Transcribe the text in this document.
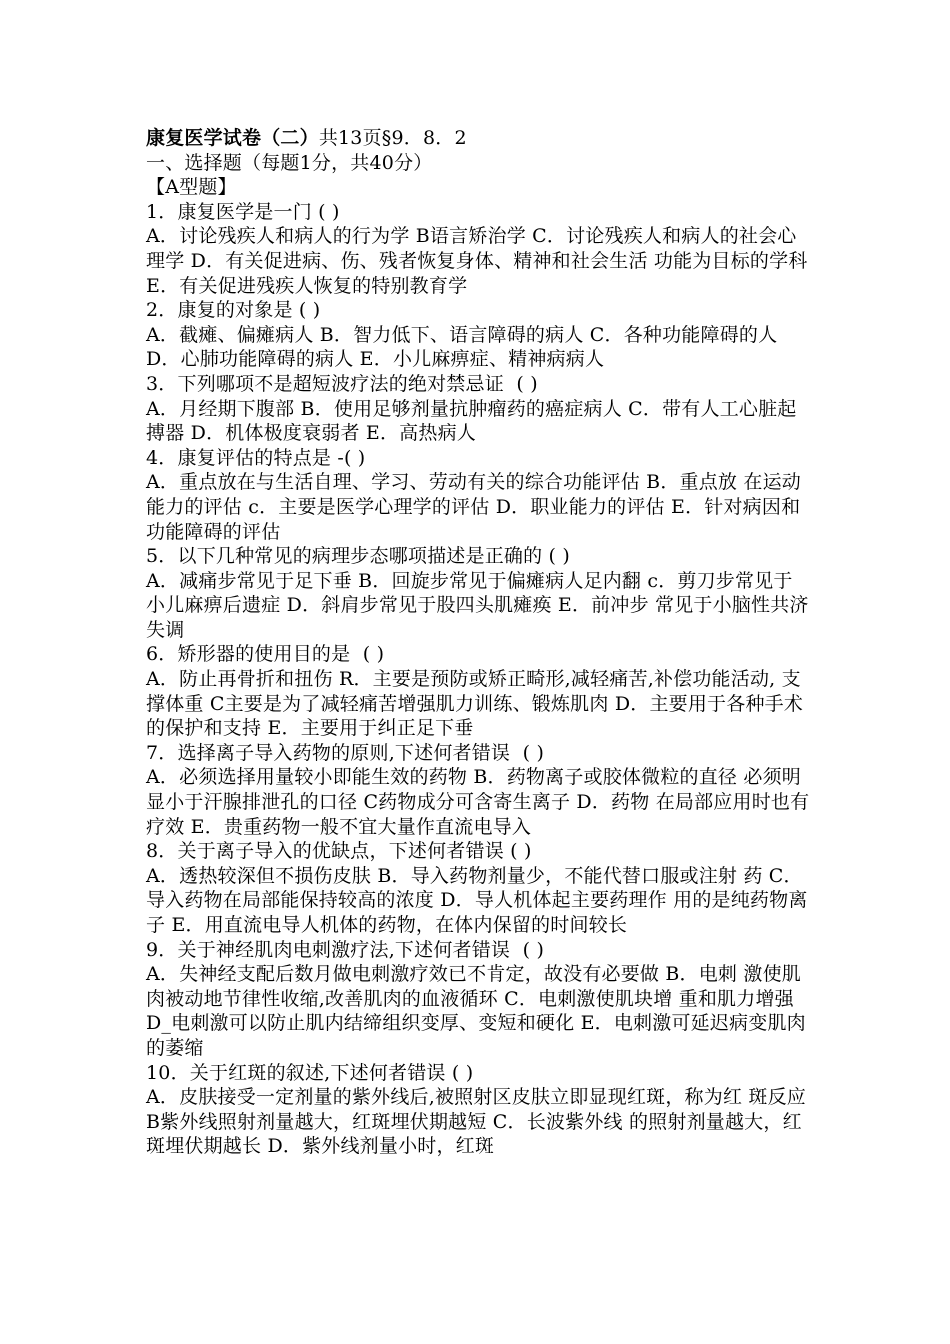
康复医学试卷（二）共13页§9．8．2
一、选择题（每题1分，共40分）
【A型题】
1．康复医学是一门 ( )
A．讨论残疾人和病人的行为学 B语言矫治学 C．讨论残疾人和病人的社会心理学 D．有关促进病、伤、残者恢复身体、精神和社会生活 功能为目标的学科 E．有关促进残疾人恢复的特别教育学
2．康复的对象是 ( )
A．截瘫、偏瘫病人 B．智力低下、语言障碍的病人 C．各种功能障碍的人 D．心肺功能障碍的病人 E．小儿麻痹症、精神病病人
3．下列哪项不是超短波疗法的绝对禁忌证  ( )
A．月经期下腹部 B．使用足够剂量抗肿瘤药的癌症病人 C．带有人工心脏起搏器 D．机体极度衰弱者 E．高热病人
4．康复评估的特点是 -( )
A．重点放在与生活自理、学习、劳动有关的综合功能评估 B．重点放 在运动能力的评估 c．主要是医学心理学的评估 D．职业能力的评估 E．针对病因和功能障碍的评估
5．以下几种常见的病理步态哪项描述是正确的 ( )
A．减痛步常见于足下垂 B．回旋步常见于偏瘫病人足内翻 c．剪刀步常见于小儿麻痹后遗症 D．斜肩步常见于股四头肌瘫痪 E．前冲步 常见于小脑性共济失调
6．矫形器的使用目的是  ( )
A．防止再骨折和扭伤 R．主要是预防或矫正畸形,减轻痛苦,补偿功能活动, 支撑体重 C主要是为了减轻痛苦增强肌力训练、锻炼肌肉 D．主要用于各种手术的保护和支持 E．主要用于纠正足下垂
7．选择离子导入药物的原则,下述何者错误  ( )
A．必须选择用量较小即能生效的药物 B．药物离子或胶体微粒的直径 必须明显小于汗腺排泄孔的口径 C药物成分可含寄生离子 D．药物 在局部应用时也有疗效 E．贵重药物一般不宜大量作直流电导入
8．关于离子导入的优缺点，下述何者错误 ( )
A．透热较深但不损伤皮肤 B．导入药物剂量少，不能代替口服或注射 药 C．导入药物在局部能保持较高的浓度 D．导人机体起主要药理作 用的是纯药物离子 E．用直流电导人机体的药物，在体内保留的时间较长
9．关于神经肌肉电刺激疗法,下述何者错误  ( )
A．失神经支配后数月做电刺激疗效已不肯定，故没有必要做 B．电刺 激使肌肉被动地节律性收缩,改善肌肉的血液循环 C．电刺激使肌块增 重和肌力增强 D_电刺激可以防止肌内结缔组织变厚、变短和硬化 E．电刺激可延迟病变肌肉的萎缩
10．关于红斑的叙述,下述何者错误 ( )
A．皮肤接受一定剂量的紫外线后,被照射区皮肤立即显现红斑，称为红 斑反应 B紫外线照射剂量越大，红斑埋伏期越短 C．长波紫外线 的照射剂量越大，红斑埋伏期越长 D．紫外线剂量小时，红斑
